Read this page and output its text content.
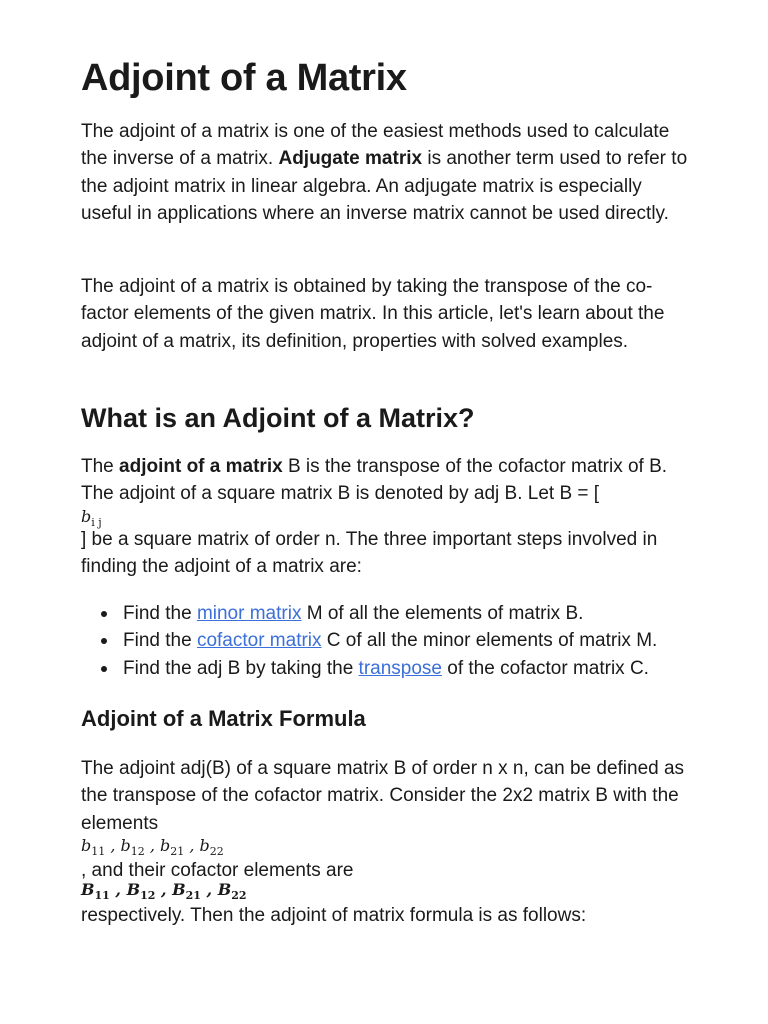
Adjoint of a Matrix

The adjoint of a matrix is one of the easiest methods used to calculate the inverse of a matrix. Adjugate matrix is another term used to refer to the adjoint matrix in linear algebra. An adjugate matrix is especially useful in applications where an inverse matrix cannot be used directly.

The adjoint of a matrix is obtained by taking the transpose of the co-factor elements of the given matrix. In this article, let's learn about the adjoint of a matrix, its definition, properties with solved examples.

What is an Adjoint of a Matrix?

The adjoint of a matrix B is the transpose of the cofactor matrix of B. The adjoint of a square matrix B is denoted by adj B. Let B = [

$b_{i j}$

] be a square matrix of order n. The three important steps involved in finding the adjoint of a matrix are:

Find the minor matrix M of all the elements of matrix B.
Find the cofactor matrix C of all the minor elements of matrix M.
Find the adj B by taking the transpose of the cofactor matrix C.
Adjoint of a Matrix Formula

The adjoint adj(B) of a square matrix B of order n x n, can be defined as the transpose of the cofactor matrix. Consider the 2x2 matrix B with the elements

$b_{11}$ , $b_{12}$ , $b_{21}$ , $b_{22}$

, and their cofactor elements are

$B_{11}$ , $B_{12}$ , $B_{21}$ , $B_{22}$

respectively. Then the adjoint of matrix formula is as follows:
